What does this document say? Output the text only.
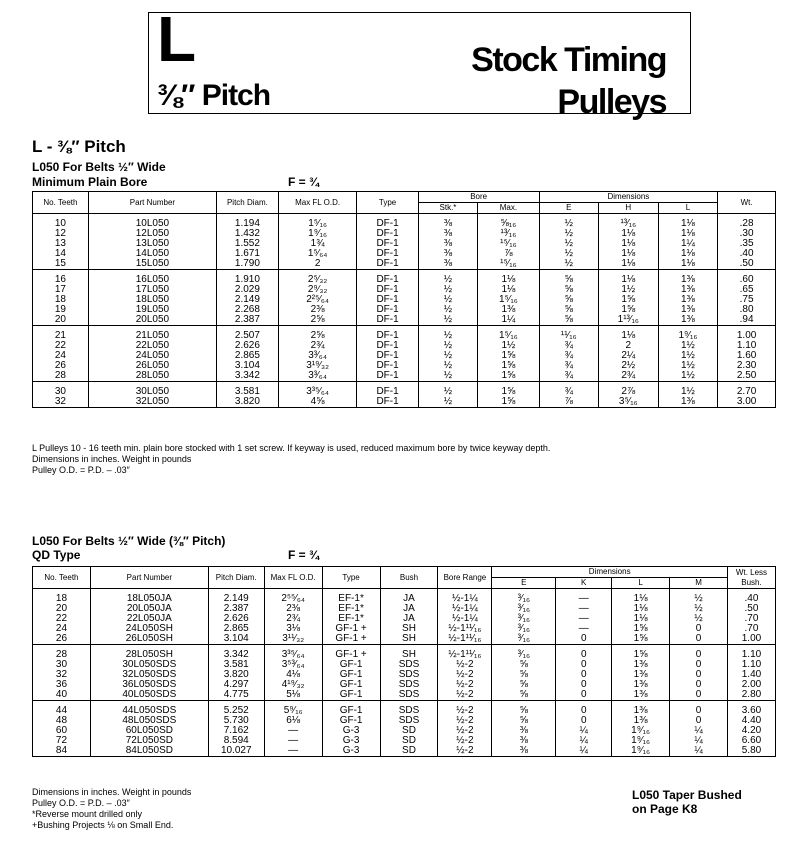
L
⅜″ Pitch
Stock Timing
Pulleys
L - ⅜″ Pitch
L050 For Belts ½″ Wide
Minimum Plain Bore	F = ¾
No. Teeth	Part Number	Pitch Diam.	Max FL O.D.	Type	Bore		Dimensions			Wt.
					Stk.*	Max.	E	H	L	
10	10L050	1.194	1⁵⁄₁₆	DF-1	⅜	⅝₁₆	½	¹³⁄₁₆	1⅛	.28
12	12L050	1.432	1⁹⁄₁₆	DF-1	⅜	¹³⁄₁₆	½	1⅛	1⅛	.30
13	13L050	1.552	1¾	DF-1	⅜	¹⁵⁄₁₆	½	1⅛	1¼	.35
14	14L050	1.671	1⁵⁄₆₄	DF-1	⅜	⅞	½	1⅛	1⅛	.40
15	15L050	1.790	2	DF-1	⅜	¹⁵⁄₁₆	½	1⅛	1⅛	.50
16	16L050	1.910	2⁵⁄₃₂	DF-1	½	1⅛	⅝	1⅛	1⅜	.60
17	17L050	2.029	2⁹⁄₃₂	DF-1	½	1⅛	⅝	1½	1⅜	.65
18	18L050	2.149	2²⁵⁄₆₄	DF-1	½	1⁵⁄₁₆	⅝	1⅝	1⅜	.75
19	19L050	2.268	2⅜	DF-1	½	1⅜	⅝	1⅝	1⅜	.80
20	20L050	2.387	2⅝	DF-1	½	1¼	⅝	1¹³⁄₁₆	1⅜	.94
21	21L050	2.507	2⅝	DF-1	½	1⁵⁄₁₆	¹¹⁄₁₆	1⅛	1⁹⁄₁₆	1.00
22	22L050	2.626	2¾	DF-1	½	1½	¾	2	1½	1.10
24	24L050	2.865	3³⁄₆₄	DF-1	½	1⅝	¾	2¼	1½	1.60
26	26L050	3.104	3¹⁹⁄₃₂	DF-1	½	1⅝	¾	2½	1½	2.30
28	28L050	3.342	3³⁄₆₄	DF-1	½	1⅝	¾	2¾	1½	2.50
30	30L050	3.581	3³⁵⁄₆₄	DF-1	½	1⅝	¾	2⅞	1½	2.70
32	32L050	3.820	4⅝	DF-1	½	1⅝	⅞	3⁵⁄₁₆	1⅜	3.00
L Pulleys 10 - 16 teeth min. plain bore stocked with 1 set screw. If keyway is used, reduced maximum bore by twice keyway depth.
Dimensions in inches. Weight in pounds
Pulley O.D. = P.D. – .03″
L050 For Belts ½″ Wide (⅜″ Pitch)
QD Type	F = ¾
No. Teeth	Part Number	Pitch Diam.	Max FL O.D.	Type	Bush	Bore Range	Dimensions				Wt. Less Bush.
							E	K	L	M	
18	18L050JA	2.149	2⁵⁵⁄₆₄	EF-1*	JA	½-1¼	³⁄₁₆	—	1⅛	½	.40
20	20L050JA	2.387	2⅜	EF-1*	JA	½-1¼	³⁄₁₆	—	1⅛	½	.50
22	22L050JA	2.626	2¾	EF-1*	JA	½-1¼	³⁄₁₆	—	1⅛	½	.70
24	24L050SH	2.865	3⅛	GF-1 +	SH	½-1¹¹⁄₁₆	³⁄₁₆	—	1⅝	0	.70
26	26L050SH	3.104	3¹¹⁄₃₂	GF-1 +	SH	½-1¹¹⁄₁₆	³⁄₁₆	0	1⅝	0	1.00
28	28L050SH	3.342	3³⁵⁄₆₄	GF-1 +	SH	½-1¹¹⁄₁₆	³⁄₁₆	0	1⅝	0	1.10
30	30L050SDS	3.581	3⁵³⁄₆₄	GF-1	SDS	½-2	⅝	0	1⅜	0	1.10
32	32L050SDS	3.820	4⅛	GF-1	SDS	½-2	⅝	0	1⅜	0	1.40
36	36L050SDS	4.297	4¹⁹⁄₃₂	GF-1	SDS	½-2	⅝	0	1⅜	0	2.00
40	40L050SDS	4.775	5⅛	GF-1	SDS	½-2	⅝	0	1⅜	0	2.80
44	44L050SDS	5.252	5⁹⁄₁₆	GF-1	SDS	½-2	⅝	0	1⅜	0	3.60
48	48L050SDS	5.730	6⅛	GF-1	SDS	½-2	⅝	0	1⅜	0	4.40
60	60L050SD	7.162	—	G-3	SD	½-2	⅜	¼	1⁹⁄₁₆	¼	4.20
72	72L050SD	8.594	—	G-3	SD	½-2	⅜	¼	1⁹⁄₁₆	¼	6.60
84	84L050SD	10.027	—	G-3	SD	½-2	⅜	¼	1⁹⁄₁₆	¼	5.80
Dimensions in inches. Weight in pounds
Pulley O.D. = P.D. – .03″
*Reverse mount drilled only
+Bushing Projects ⅛ on Small End.
L050 Taper Bushed
on Page K8
